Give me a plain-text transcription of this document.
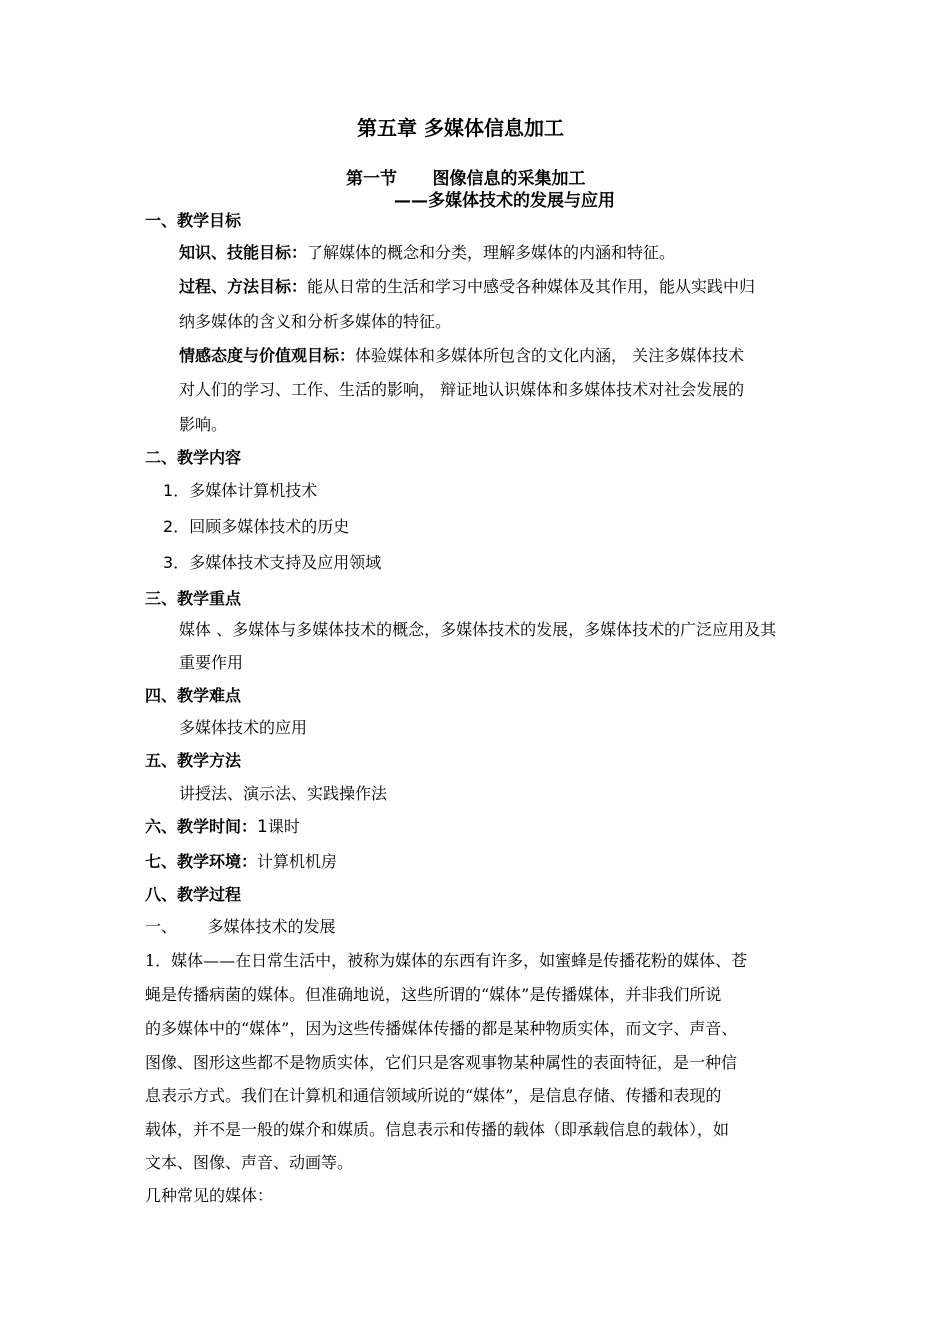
第五章 多媒体信息加工
第一节      图像信息的采集加工
——多媒体技术的发展与应用
一、教学目标
知识、技能目标：了解媒体的概念和分类，理解多媒体的内涵和特征。
过程、方法目标：能从日常的生活和学习中感受各种媒体及其作用，能从实践中归
纳多媒体的含义和分析多媒体的特征。
情感态度与价值观目标：体验媒体和多媒体所包含的文化内涵， 关注多媒体技术
对人们的学习、工作、生活的影响， 辩证地认识媒体和多媒体技术对社会发展的
影响。
二、教学内容
1．多媒体计算机技术
2．回顾多媒体技术的历史
3．多媒体技术支持及应用领域
三、教学重点
媒体 、多媒体与多媒体技术的概念，多媒体技术的发展，多媒体技术的广泛应用及其
重要作用
四、教学难点
多媒体技术的应用
五、教学方法
讲授法、演示法、实践操作法
六、教学时间：1课时
七、教学环境：计算机机房
八、教学过程
一、      多媒体技术的发展
1．媒体——在日常生活中，被称为媒体的东西有许多，如蜜蜂是传播花粉的媒体、苍
蝇是传播病菌的媒体。但准确地说，这些所谓的“媒体”是传播媒体，并非我们所说
的多媒体中的“媒体”，因为这些传播媒体传播的都是某种物质实体，而文字、声音、
图像、图形这些都不是物质实体，它们只是客观事物某种属性的表面特征，是一种信
息表示方式。我们在计算机和通信领域所说的“媒体”，是信息存储、传播和表现的
载体，并不是一般的媒介和媒质。信息表示和传播的载体（即承载信息的载体），如
文本、图像、声音、动画等。
几种常见的媒体：
